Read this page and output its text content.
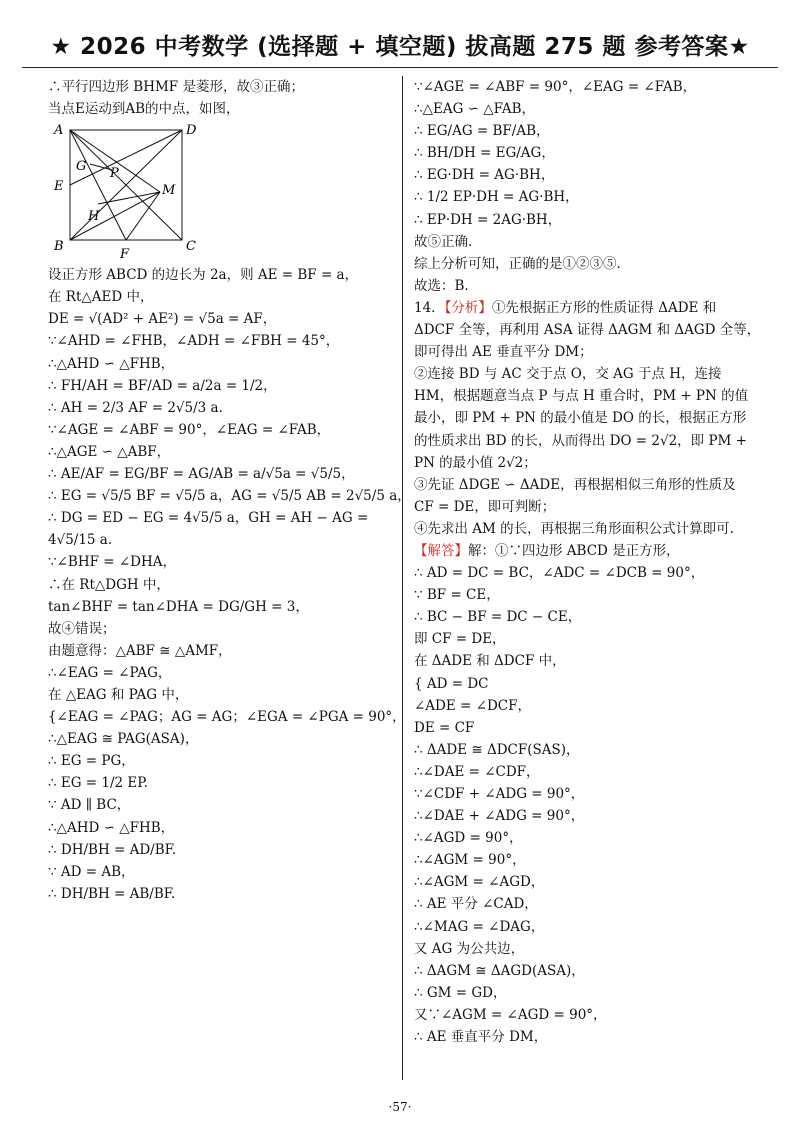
★ 2026 中考数学 (选择题 + 填空题) 拔高题 275 题 参考答案★
∴平行四边形 BHMF 是菱形，故③正确；
当点E运动到AB的中点，如图，
A
B	C
D
E
F
G
H
M
P
设正方形 ABCD 的边长为 2a，则 AE = BF = a，
在 Rt△AED 中，
DE = √(AD² + AE²) = √5a = AF，
∵∠AHD = ∠FHB，∠ADH = ∠FBH = 45°，
∴△AHD ∽ △FHB，
∴ FH/AH = BF/AD = a/2a = 1/2，
∴ AH = 2/3 AF = 2√5/3 a.
∵∠AGE = ∠ABF = 90°，∠EAG = ∠FAB，
∴△AGE ∽ △ABF，
∴ AE/AF = EG/BF = AG/AB = a/√5a = √5/5，
∴ EG = √5/5 BF = √5/5 a，AG = √5/5 AB = 2√5/5 a，
∴ DG = ED − EG = 4√5/5 a，GH = AH − AG =
4√5/15 a.
∵∠BHF = ∠DHA，
∴在 Rt△DGH 中，
tan∠BHF = tan∠DHA = DG/GH = 3，
故④错误；
由题意得：△ABF ≅ △AMF，
∴∠EAG = ∠PAG，
在 △EAG 和 PAG 中，
{∠EAG = ∠PAG；AG = AG；∠EGA = ∠PGA = 90°，
∴△EAG ≅ PAG(ASA)，
∴ EG = PG，
∴ EG = 1/2 EP.
∵ AD ∥ BC，
∴△AHD ∽ △FHB，
∴ DH/BH = AD/BF.
∵ AD = AB，
∴ DH/BH = AB/BF.
∵∠AGE = ∠ABF = 90°，∠EAG = ∠FAB，
∴△EAG ∽ △FAB，
∴ EG/AG = BF/AB，
∴ BH/DH = EG/AG，
∴ EG·DH = AG·BH，
∴ 1/2 EP·DH = AG·BH，
∴ EP·DH = 2AG·BH，
故⑤正确.
综上分析可知，正确的是①②③⑤.
故选：B.
14．【分析】①先根据正方形的性质证得 ΔADE 和
ΔDCF 全等，再利用 ASA 证得 ΔAGM 和 ΔAGD 全等，
即可得出 AE 垂直平分 DM；
②连接 BD 与 AC 交于点 O，交 AG 于点 H，连接
HM，根据题意当点 P 与点 H 重合时，PM + PN 的值
最小，即 PM + PN 的最小值是 DO 的长，根据正方形
的性质求出 BD 的长，从而得出 DO = 2√2，即 PM +
PN 的最小值 2√2；
③先证 ΔDGE ∽ ΔADE，再根据相似三角形的性质及
CF = DE，即可判断；
④先求出 AM 的长，再根据三角形面积公式计算即可.
【解答】解：①∵四边形 ABCD 是正方形，
∴ AD = DC = BC，∠ADC = ∠DCB = 90°，
∵ BF = CE，
∴ BC − BF = DC − CE，
即 CF = DE，
在 ΔADE 和 ΔDCF 中，
{ AD = DC
∠ADE = ∠DCF，
DE = CF
∴ ΔADE ≅ ΔDCF(SAS)，
∴∠DAE = ∠CDF，
∵∠CDF + ∠ADG = 90°，
∴∠DAE + ∠ADG = 90°，
∴∠AGD = 90°，
∴∠AGM = 90°，
∴∠AGM = ∠AGD，
∴ AE 平分 ∠CAD，
∴∠MAG = ∠DAG，
又 AG 为公共边，
∴ ΔAGM ≅ ΔAGD(ASA)，
∴ GM = GD，
又∵∠AGM = ∠AGD = 90°，
∴ AE 垂直平分 DM，
·57·
